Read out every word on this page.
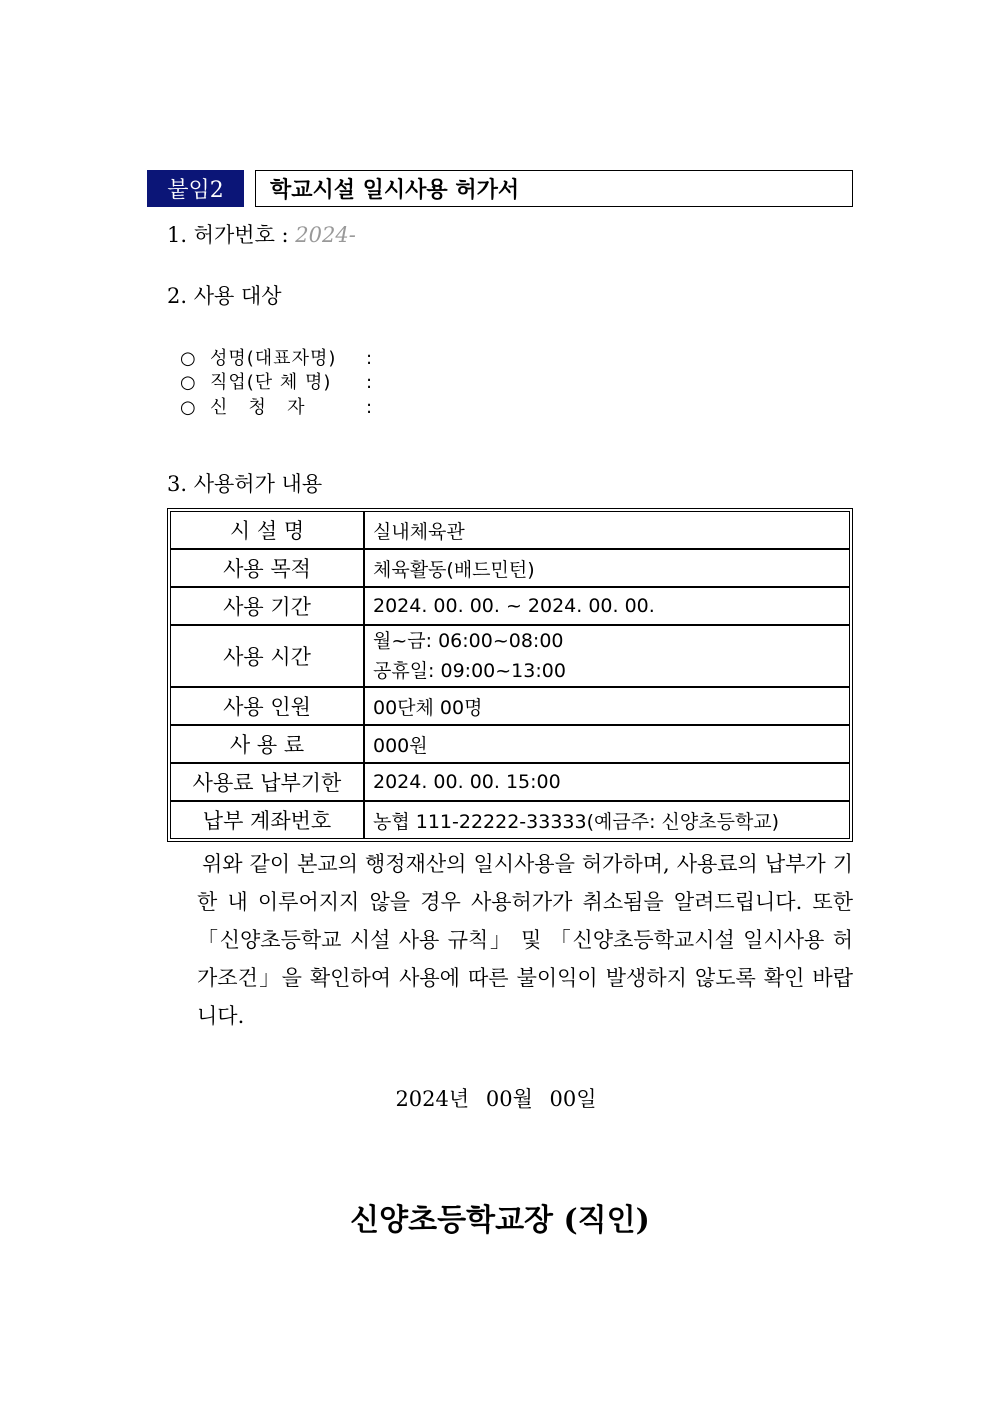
붙임2	학교시설 일시사용 허가서
1. 허가번호 : 2024-
2. 사용 대상
○ 성명(대표자명) :
○ 직업(단 체 명) :
○ 신   청   자	:
3. 사용허가 내용
시 설 명	실내체육관
사용 목적	체육활동(배드민턴)
사용 기간	2024. 00. 00. ~ 2024. 00. 00.
사용 시간	월~금: 06:00~08:00
공휴일: 09:00~13:00

사용 인원	00단체 00명
사 용 료	000원
사용료 납부기한	2024. 00. 00. 15:00
납부 계좌번호	농협 111-22222-33333(예금주: 신양초등학교)
위와 같이 본교의 행정재산의 일시사용을 허가하며, 사용료의 납부가 기한 내 이루어지지 않을 경우 사용허가가 취소됨을 알려드립니다. 또한 「신양초등학교 시설 사용 규칙」 및 「신양초등학교시설 일시사용 허가조건」을 확인하여 사용에 따른 불이익이 발생하지 않도록 확인 바랍니다.
2024년 00월 00일
신양초등학교장 (직인)
